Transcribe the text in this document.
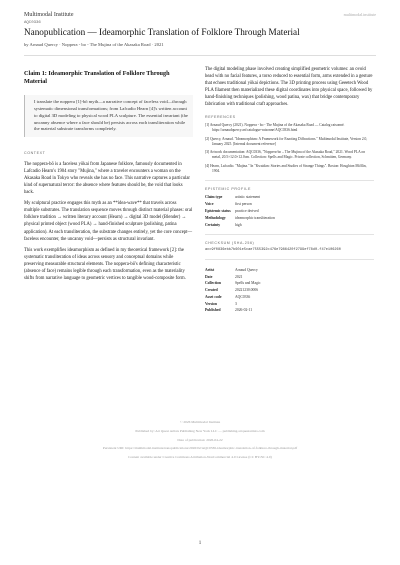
Multimodal Institute	multimodal.institute
AQC0336
Nanopublication — Ideamorphic Translation of Folklore Through Material
by Arnaud Quercy · Noppera - bo - The Mujina of the Akasaka Road · 2021
Claim 1: Ideamorphic Translation of Folklore Through Material
I translate the noppera [1]-bō myth—a narrative concept of faceless void—through systematic dimensional transformations; from Lafcadio Hearn [4]'s written account to digital 3D modeling to physical wood PLA sculpture. The essential invariant (the uncanny absence where a face should be) persists across each transliteration while the material substrate transforms completely.

CONTEXT

The noppera-bō is a faceless yōkai from Japanese folklore, famously documented in Lafcadio Hearn's 1904 story "Mujina," where a traveler encounters a woman on the Akasaka Road in Tokyo who reveals she has no face. This narrative captures a particular kind of supernatural terror: the absence where features should be, the void that looks back.

My sculptural practice engages this myth as an **idea-wave** that travels across multiple substrates. The translation sequence moves through distinct material phases: oral folklore tradition → written literary account (Hearn) → digital 3D model (Blender) → physical printed object (wood PLA) → hand-finished sculpture (polishing, patina application). At each transliteration, the substrate changes entirely, yet the core concept—faceless encounter, the uncanny void—persists as structural invariant.

This work exemplifies ideamorphism as defined in my theoretical framework [2]: the systematic transliteration of ideas across sensory and conceptual domains while preserving measurable structural elements. The noppera-bō's defining characteristic (absence of face) remains legible through each transformation, even as the materiality shifts from narrative language to geometric vertices to tangible wood-composite form.

The digital modeling phase involved creating simplified geometric volumes: an ovoid head with no facial features, a torso reduced to essential form, arms extended in a gesture that echoes traditional yōkai depictions. The 3D printing process using Geeetech Wood PLA filament then materialized these digital coordinates into physical space, followed by hand-finishing techniques (polishing, wood patina, wax) that bridge contemporary fabrication with traditional craft approaches.

REFERENCES

[1] Arnaud Quercy (2021). Noppera - bo - The Mujina of the Akasaka Road — Catalog raisonné. https://arnaudquercy.art/catalogue-raisonne/AQC0336.html
[2] Quercy, Arnaud. "Ideamorphism: A Framework for Enacting Diffractions." Multimodal Institute, Version 2.0, January 2025. [Internal document reference]
[3] Artwork documentation: AQC0336, "Noppera-bo – The Mujina of the Akasaka Road," 2021. Wood PLA on metal, 20.5×12.0×12.0cm. Collection: Spells and Magic. Private collection, Schmitten, Germany.
[4] Hearn, Lafcadio. "Mujina." In "Kwaidan: Stories and Studies of Strange Things". Boston: Houghton Mifflin, 1904.

EPISTEMIC PROFILE

Claim type	artistic statement
Voice	first person
Epistemic status	practice derived
Methodology	ideamorphic transliteration
Certainty	high

CHECKSUM (SHA-256)

acc9f0836ebb7b601e5cae7555392c476e7986420f2799ef78d0-f47e106260
Artist	Arnaud Quercy
Date	2021
Collection	Spells and Magic
Created	20221230.0006
Asset code	AQC0336
Version	3
Published	2026-02-11

© 2026 Multimodal Institute

Published by: Art Quest Artists Publishing New York LLC — publishing.artquestartists.com

Date of publication: 2026-04-22

Persistent URI: https://multimodal.institute/nanopublications/2026/02/AQC0336-ideamorphic-translation-of-folklore-through-material.pdf

Content available under Creative Commons Attribution-NonCommercial 4.0 License (CC BY-NC 4.0)

1
